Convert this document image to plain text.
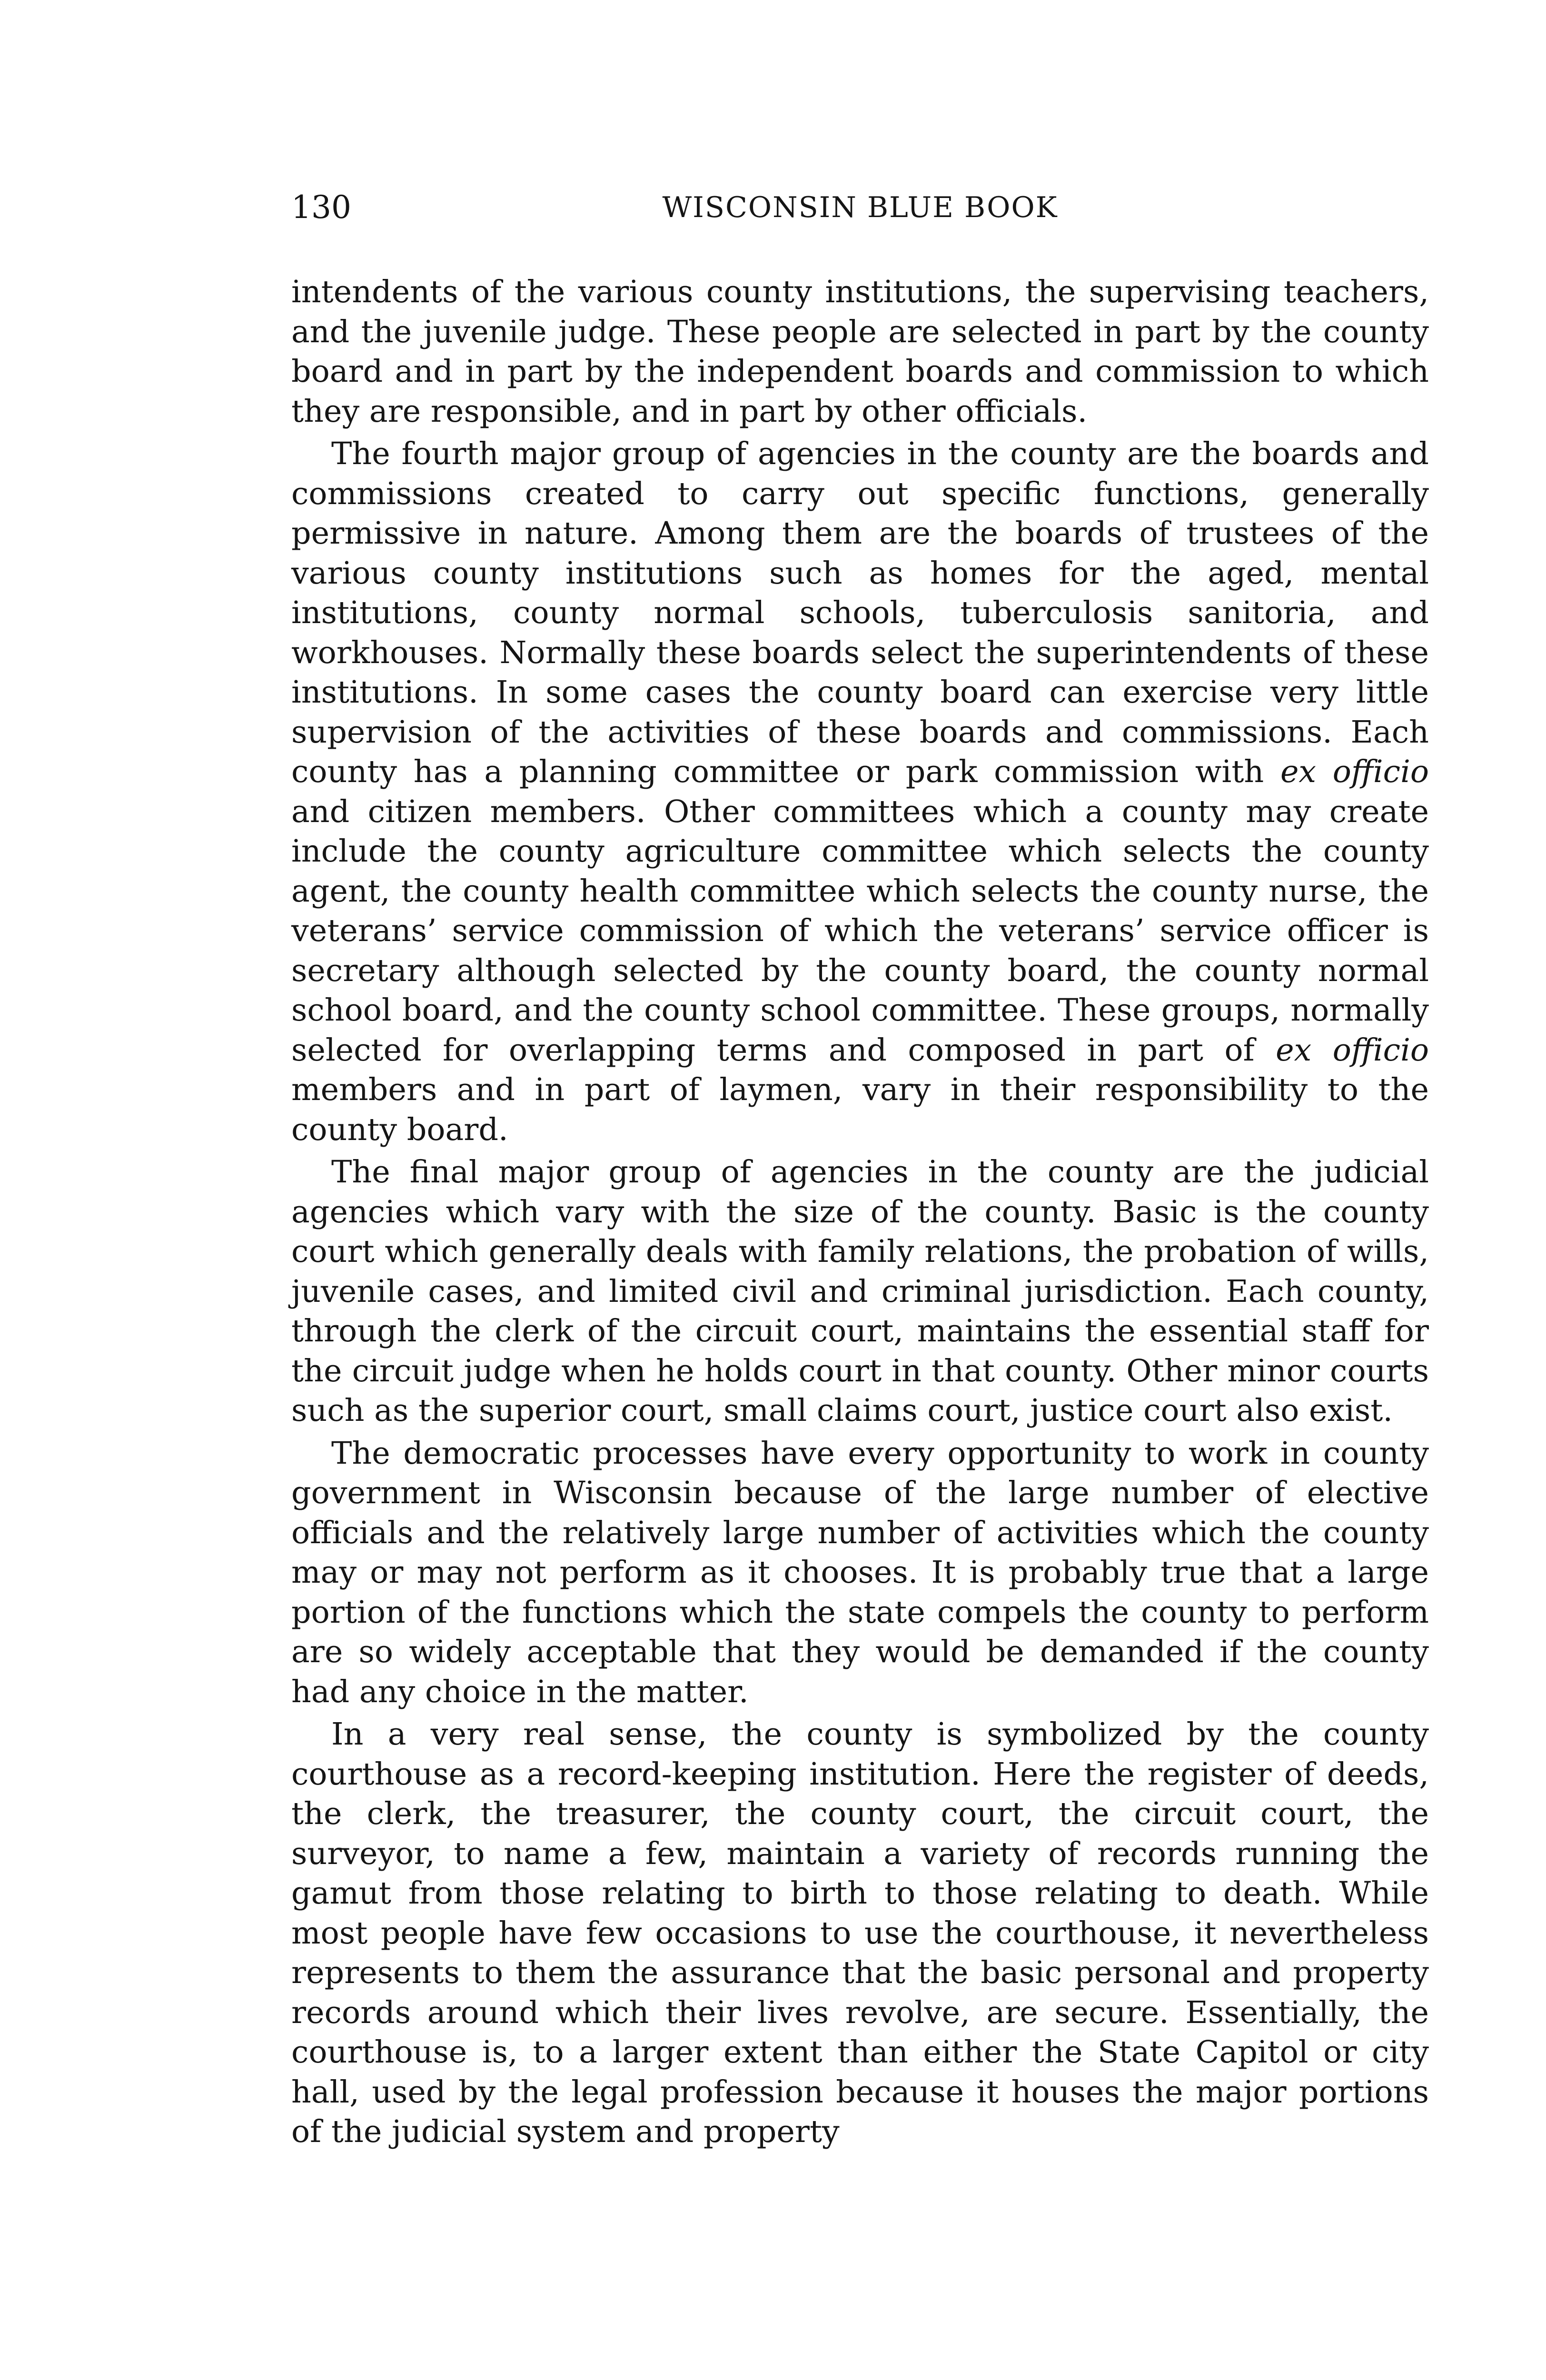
130	WISCONSIN BLUE BOOK

intendents of the various county institutions, the supervising teachers, and the juvenile judge. These people are selected in part by the county board and in part by the independent boards and commission to which they are responsible, and in part by other officials.

The fourth major group of agencies in the county are the boards and commissions created to carry out specific functions, generally permissive in nature. Among them are the boards of trustees of the various county institutions such as homes for the aged, mental institutions, county normal schools, tuberculosis sanitoria, and workhouses. Normally these boards select the superintendents of these institutions. In some cases the county board can exercise very little supervision of the activities of these boards and commissions. Each county has a planning committee or park commission with ex officio and citizen members. Other committees which a county may create include the county agriculture committee which selects the county agent, the county health committee which selects the county nurse, the veterans’ service commission of which the veterans’ service officer is secretary although selected by the county board, the county normal school board, and the county school committee. These groups, normally selected for overlapping terms and composed in part of ex officio members and in part of laymen, vary in their responsibility to the county board.

The final major group of agencies in the county are the judicial agencies which vary with the size of the county. Basic is the county court which generally deals with family relations, the probation of wills, juvenile cases, and limited civil and criminal jurisdiction. Each county, through the clerk of the circuit court, maintains the essential staff for the circuit judge when he holds court in that county. Other minor courts such as the superior court, small claims court, justice court also exist.

The democratic processes have every opportunity to work in county government in Wisconsin because of the large number of elective officials and the relatively large number of activities which the county may or may not perform as it chooses. It is probably true that a large portion of the functions which the state compels the county to perform are so widely acceptable that they would be demanded if the county had any choice in the matter.

In a very real sense, the county is symbolized by the county courthouse as a record-keeping institution. Here the register of deeds, the clerk, the treasurer, the county court, the circuit court, the surveyor, to name a few, maintain a variety of records running the gamut from those relating to birth to those relating to death. While most people have few occasions to use the courthouse, it nevertheless represents to them the assurance that the basic personal and property records around which their lives revolve, are secure. Essentially, the courthouse is, to a larger extent than either the State Capitol or city hall, used by the legal profession because it houses the major portions of the judicial system and property
